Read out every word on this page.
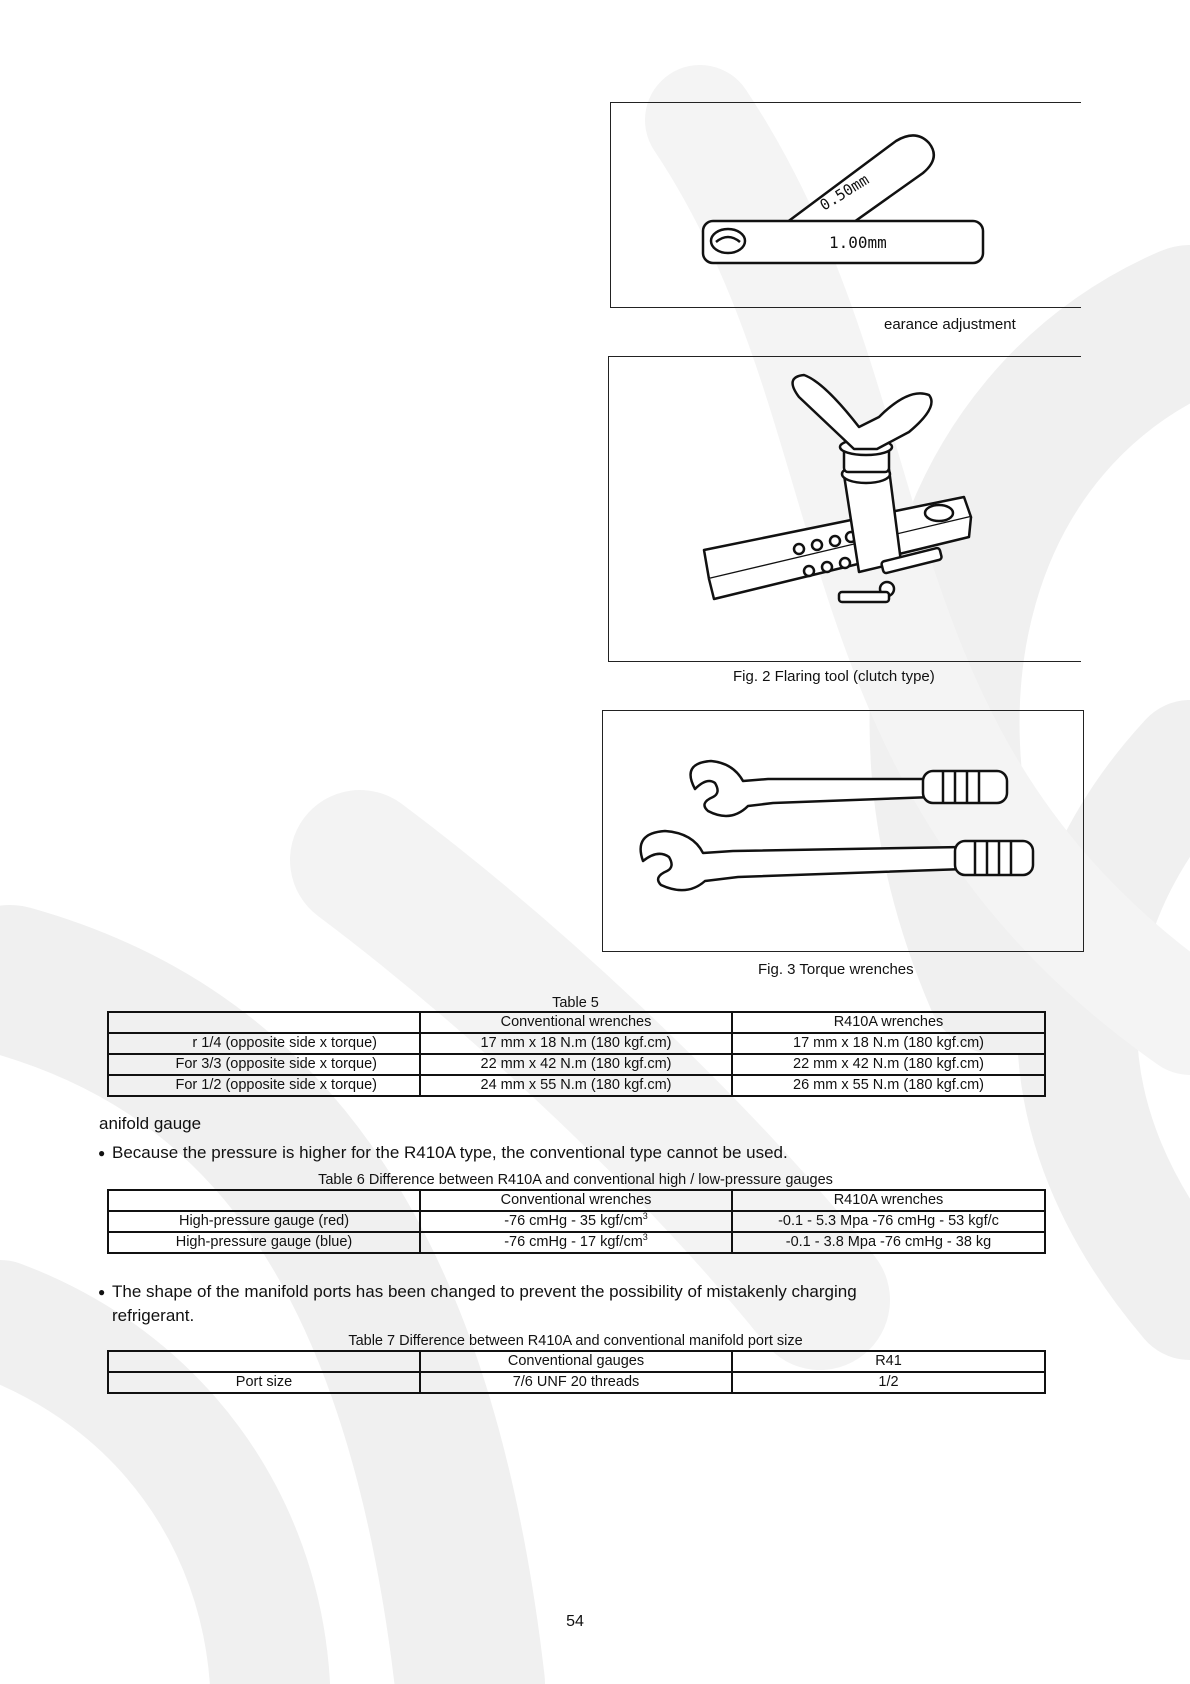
0.50mm
1.00mm
earance adjustment
Fig. 2 Flaring tool (clutch type)
Fig. 3 Torque wrenches
Table 5
	Conventional wrenches	R410A wrenches
r 1/4 (opposite side x torque)	17 mm x 18 N.m (180 kgf.cm)	17 mm x 18 N.m (180 kgf.cm)
For 3/3 (opposite side x torque)	22 mm x 42 N.m (180 kgf.cm)	22 mm x 42 N.m (180 kgf.cm)
For 1/2 (opposite side x torque)	24 mm x 55 N.m (180 kgf.cm)	26 mm x 55 N.m (180 kgf.cm)
anifold gauge
● Because the pressure is higher for the R410A type, the conventional type cannot be used.
Table 6 Difference between R410A and conventional high / low-pressure gauges
	Conventional wrenches	R410A wrenches
High-pressure gauge (red)	-76 cmHg - 35 kgf/$cm^3$	-0.1 - 5.3 Mpa -76 cmHg - 53 kgf/c
High-pressure gauge (blue)	-76 cmHg - 17 kgf/$cm^3$	-0.1 - 3.8 Mpa -76 cmHg - 38 kg
● The shape of the manifold ports has been changed to prevent the possibility of mistakenly charging
refrigerant.
Table 7 Difference between R410A and conventional manifold port size
	Conventional gauges	R41
Port size	7/6 UNF 20 threads	1/2
54
